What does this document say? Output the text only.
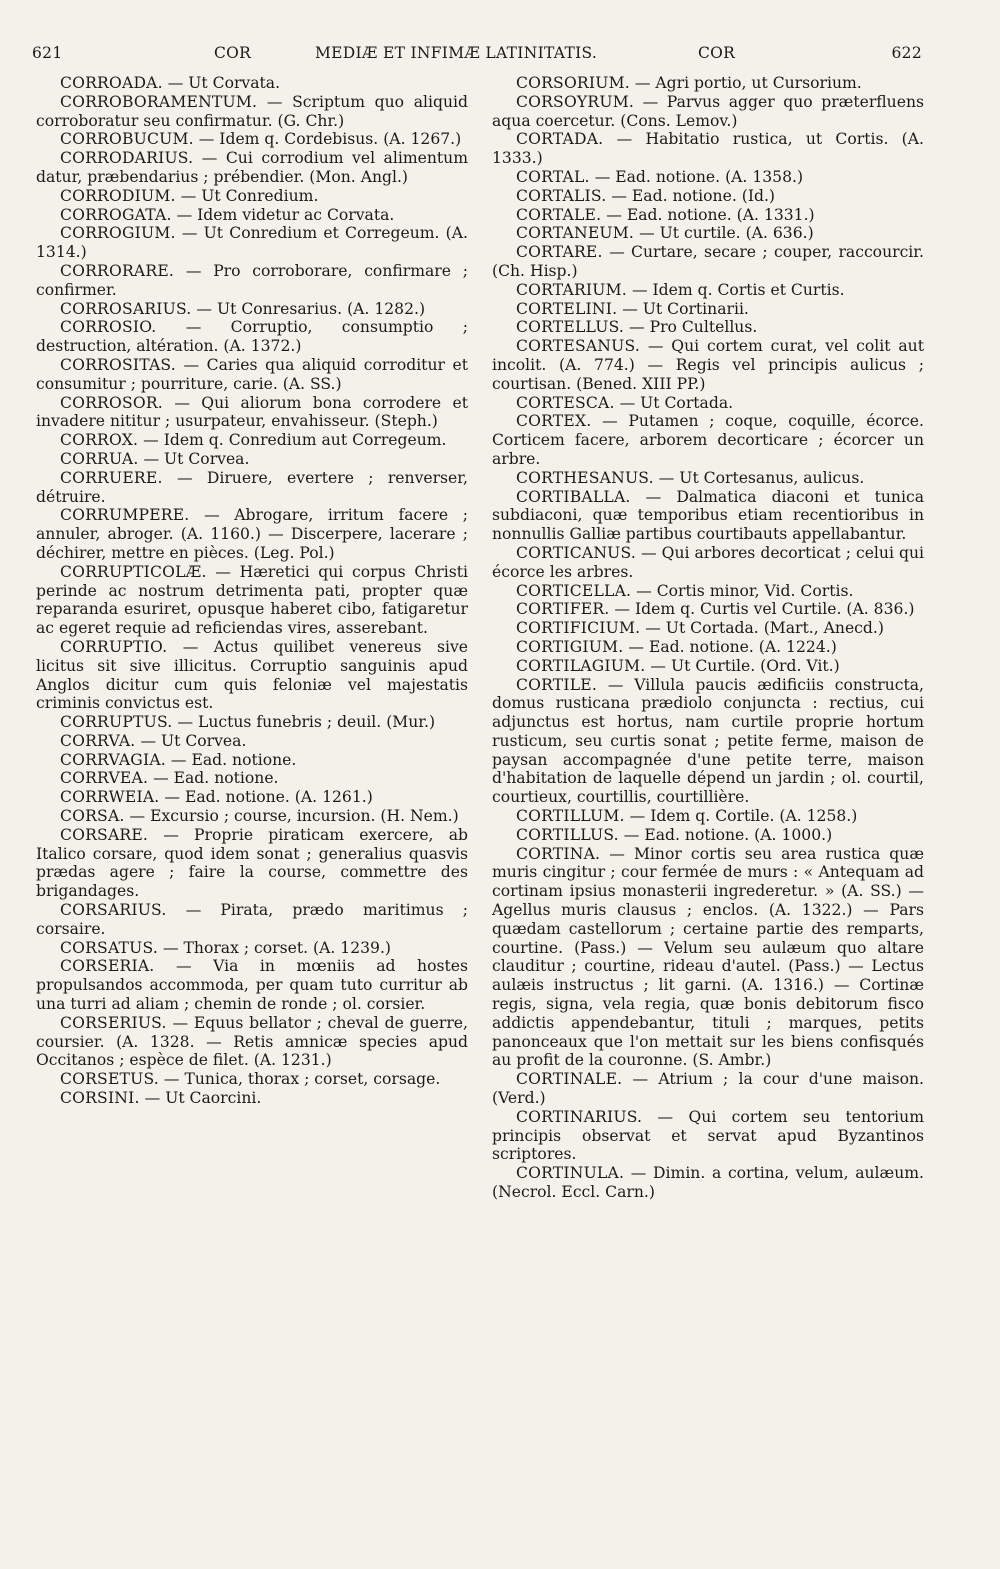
621	COR	MEDIÆ ET INFIMÆ LATINITATIS.	COR	622

CORROADA. — Ut Corvata.

CORROBORAMENTUM. — Scriptum quo aliquid corroboratur seu confirmatur. (G. Chr.)

CORROBUCUM. — Idem q. Cordebisus. (A. 1267.)

CORRODARIUS. — Cui corrodium vel alimentum datur, præbendarius ; prébendier. (Mon. Angl.)

CORRODIUM. — Ut Conredium.

CORROGATA. — Idem videtur ac Corvata.

CORROGIUM. — Ut Conredium et Corregeum. (A. 1314.)

CORRORARE. — Pro corroborare, confirmare ; confirmer.

CORROSARIUS. — Ut Conresarius. (A. 1282.)

CORROSIO. — Corruptio, consumptio ; destruction, altération. (A. 1372.)

CORROSITAS. — Caries qua aliquid corroditur et consumitur ; pourriture, carie. (A. SS.)

CORROSOR. — Qui aliorum bona corrodere et invadere nititur ; usurpateur, envahisseur. (Steph.)

CORROX. — Idem q. Conredium aut Corregeum.

CORRUA. — Ut Corvea.

CORRUERE. — Diruere, evertere ; renverser, détruire.

CORRUMPERE. — Abrogare, irritum facere ; annuler, abroger. (A. 1160.) — Discerpere, lacerare ; déchirer, mettre en pièces. (Leg. Pol.)

CORRUPTICOLÆ. — Hæretici qui corpus Christi perinde ac nostrum detrimenta pati, propter quæ reparanda esuriret, opusque haberet cibo, fatigaretur ac egeret requie ad reficiendas vires, asserebant.

CORRUPTIO. — Actus quilibet venereus sive licitus sit sive illicitus. Corruptio sanguinis apud Anglos dicitur cum quis feloniæ vel majestatis criminis convictus est.

CORRUPTUS. — Luctus funebris ; deuil. (Mur.)

CORRVA. — Ut Corvea.

CORRVAGIA. — Ead. notione.

CORRVEA. — Ead. notione.

CORRWEIA. — Ead. notione. (A. 1261.)

CORSA. — Excursio ; course, incursion. (H. Nem.)

CORSARE. — Proprie piraticam exercere, ab Italico corsare, quod idem sonat ; generalius quasvis prædas agere ; faire la course, commettre des brigandages.

CORSARIUS. — Pirata, prædo maritimus ; corsaire.

CORSATUS. — Thorax ; corset. (A. 1239.)

CORSERIA. — Via in mœniis ad hostes propulsandos accommoda, per quam tuto curritur ab una turri ad aliam ; chemin de ronde ; ol. corsier.

CORSERIUS. — Equus bellator ; cheval de guerre, coursier. (A. 1328. — Retis amnicæ species apud Occitanos ; espèce de filet. (A. 1231.)

CORSETUS. — Tunica, thorax ; corset, corsage.

CORSINI. — Ut Caorcini.

CORSORIUM. — Agri portio, ut Cursorium.

CORSOYRUM. — Parvus agger quo præterfluens aqua coercetur. (Cons. Lemov.)

CORTADA. — Habitatio rustica, ut Cortis. (A. 1333.)

CORTAL. — Ead. notione. (A. 1358.)

CORTALIS. — Ead. notione. (Id.)

CORTALE. — Ead. notione. (A. 1331.)

CORTANEUM. — Ut curtile. (A. 636.)

CORTARE. — Curtare, secare ; couper, raccourcir. (Ch. Hisp.)

CORTARIUM. — Idem q. Cortis et Curtis.

CORTELINI. — Ut Cortinarii.

CORTELLUS. — Pro Cultellus.

CORTESANUS. — Qui cortem curat, vel colit aut incolit. (A. 774.) — Regis vel principis aulicus ; courtisan. (Bened. XIII PP.)

CORTESCA. — Ut Cortada.

CORTEX. — Putamen ; coque, coquille, écorce. Corticem facere, arborem decorticare ; écorcer un arbre.

CORTHESANUS. — Ut Cortesanus, aulicus.

CORTIBALLA. — Dalmatica diaconi et tunica subdiaconi, quæ temporibus etiam recentioribus in nonnullis Galliæ partibus courtibauts appellabantur.

CORTICANUS. — Qui arbores decorticat ; celui qui écorce les arbres.

CORTICELLA. — Cortis minor, Vid. Cortis.

CORTIFER. — Idem q. Curtis vel Curtile. (A. 836.)

CORTIFICIUM. — Ut Cortada. (Mart., Anecd.)

CORTIGIUM. — Ead. notione. (A. 1224.)

CORTILAGIUM. — Ut Curtile. (Ord. Vit.)

CORTILE. — Villula paucis ædificiis constructa, domus rusticana prædiolo conjuncta : rectius, cui adjunctus est hortus, nam curtile proprie hortum rusticum, seu curtis sonat ; petite ferme, maison de paysan accompagnée d'une petite terre, maison d'habitation de laquelle dépend un jardin ; ol. courtil, courtieux, courtillis, courtillière.

CORTILLUM. — Idem q. Cortile. (A. 1258.)

CORTILLUS. — Ead. notione. (A. 1000.)

CORTINA. — Minor cortis seu area rustica quæ muris cingitur ; cour fermée de murs : « Antequam ad cortinam ipsius monasterii ingrederetur. » (A. SS.) — Agellus muris clausus ; enclos. (A. 1322.) — Pars quædam castellorum ; certaine partie des remparts, courtine. (Pass.) — Velum seu aulæum quo altare clauditur ; courtine, rideau d'autel. (Pass.) — Lectus aulæis instructus ; lit garni. (A. 1316.) — Cortinæ regis, signa, vela regia, quæ bonis debitorum fisco addictis appendebantur, tituli ; marques, petits panonceaux que l'on mettait sur les biens confisqués au profit de la couronne. (S. Ambr.)

CORTINALE. — Atrium ; la cour d'une maison. (Verd.)

CORTINARIUS. — Qui cortem seu tentorium principis observat et servat apud Byzantinos scriptores.

CORTINULA. — Dimin. a cortina, velum, aulæum. (Necrol. Eccl. Carn.)
